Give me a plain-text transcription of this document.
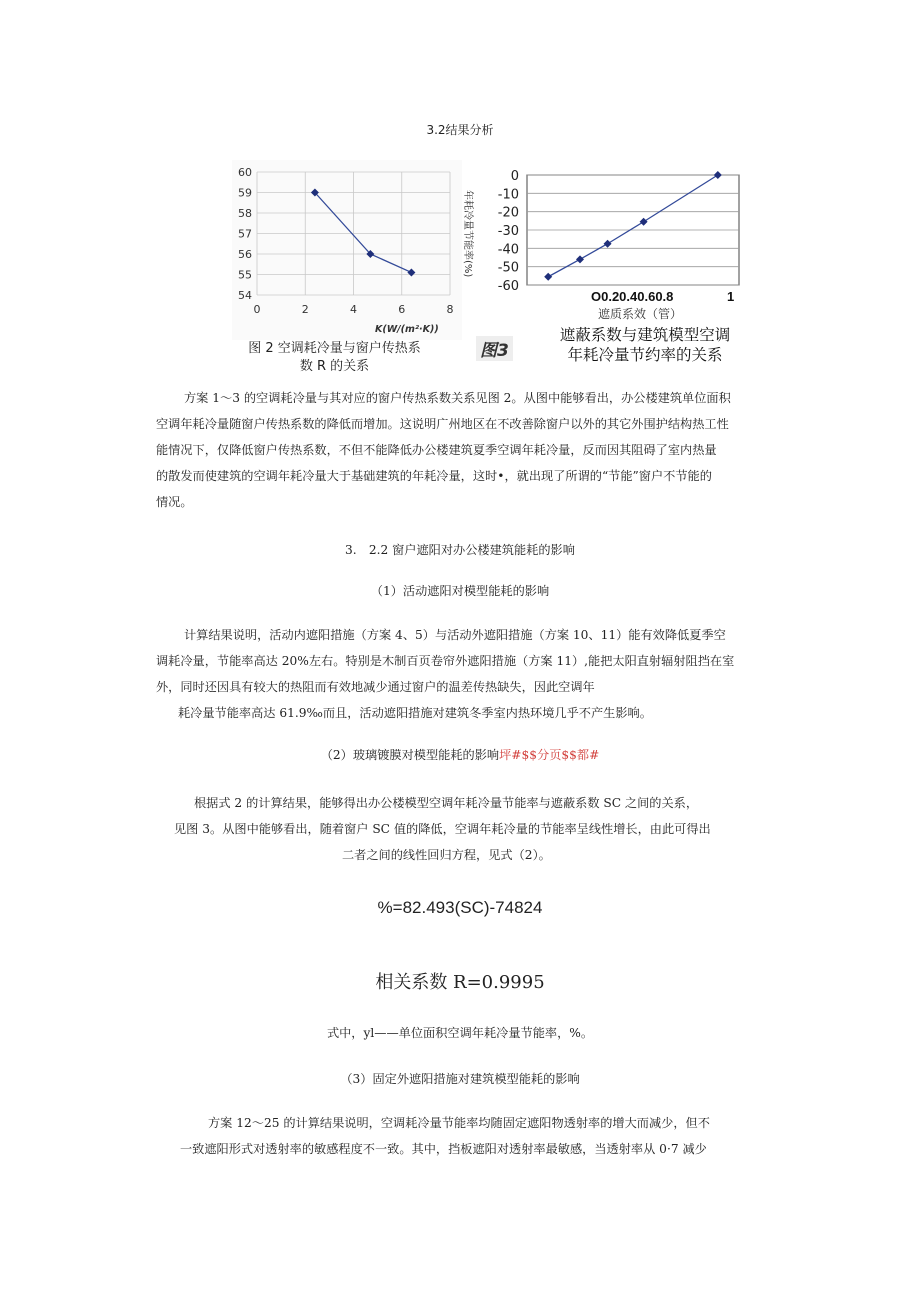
3.2结果分析
54
55
56
57
58
59
60
0	2	4	6	8
K(W/(m²·K))
图 2 空调耗冷量与窗户传热系
数 R 的关系
图3
年耗冷量节能率(%)
0
-10
-20
-30
-40
-50
-60
O0.20.40.60.8	1
遮质系效（管）
遮蔽系数与建筑模型空调
年耗冷量节约率的关系

方案 1～3 的空调耗冷量与其对应的窗户传热系数关系见图 2。从图中能够看出，办公楼建筑单位面积

空调年耗冷量随窗户传热系数的降低而增加。这说明广州地区在不改善除窗户以外的其它外围护结构热工性

能情况下，仅降低窗户传热系数，不但不能降低办公楼建筑夏季空调年耗冷量，反而因其阻碍了室内热量

的散发而使建筑的空调年耗冷量大于基础建筑的年耗冷量，这时•，就出现了所谓的“节能”窗户不节能的

情况。

3.　2.2 窗户遮阳对办公楼建筑能耗的影响
（1）活动遮阳对模型能耗的影响

计算结果说明，活动内遮阳措施（方案 4、5）与活动外遮阳措施（方案 10、11）能有效降低夏季空

调耗冷量，节能率高达 20%左右。特别是木制百页卷帘外遮阳措施（方案 11）,能把太阳直射辐射阻挡在室

外，同时还因具有较大的热阻而有效地减少通过窗户的温差传热缺失，因此空调年

耗冷量节能率高达 61.9‰而且，活动遮阳措施对建筑冬季室内热环境几乎不产生影响。

（2）玻璃镀膜对模型能耗的影响坪#$$分页$$都#

根据式 2 的计算结果，能够得出办公楼模型空调年耗冷量节能率与遮蔽系数 SC 之间的关系，

见图 3。从图中能够看出，随着窗户 SC 值的降低，空调年耗冷量的节能率呈线性增长，由此可得出

二者之间的线性回归方程，见式（2）。

%=82.493(SC)-74824
相关系数 R=0.9995
式中，yl——单位面积空调年耗冷量节能率，%。
（3）固定外遮阳措施对建筑模型能耗的影响

方案 12～25 的计算结果说明，空调耗冷量节能率均随固定遮阳物透射率的增大而减少，但不

一致遮阳形式对透射率的敏感程度不一致。其中，挡板遮阳对透射率最敏感，当透射率从 0·7 减少
